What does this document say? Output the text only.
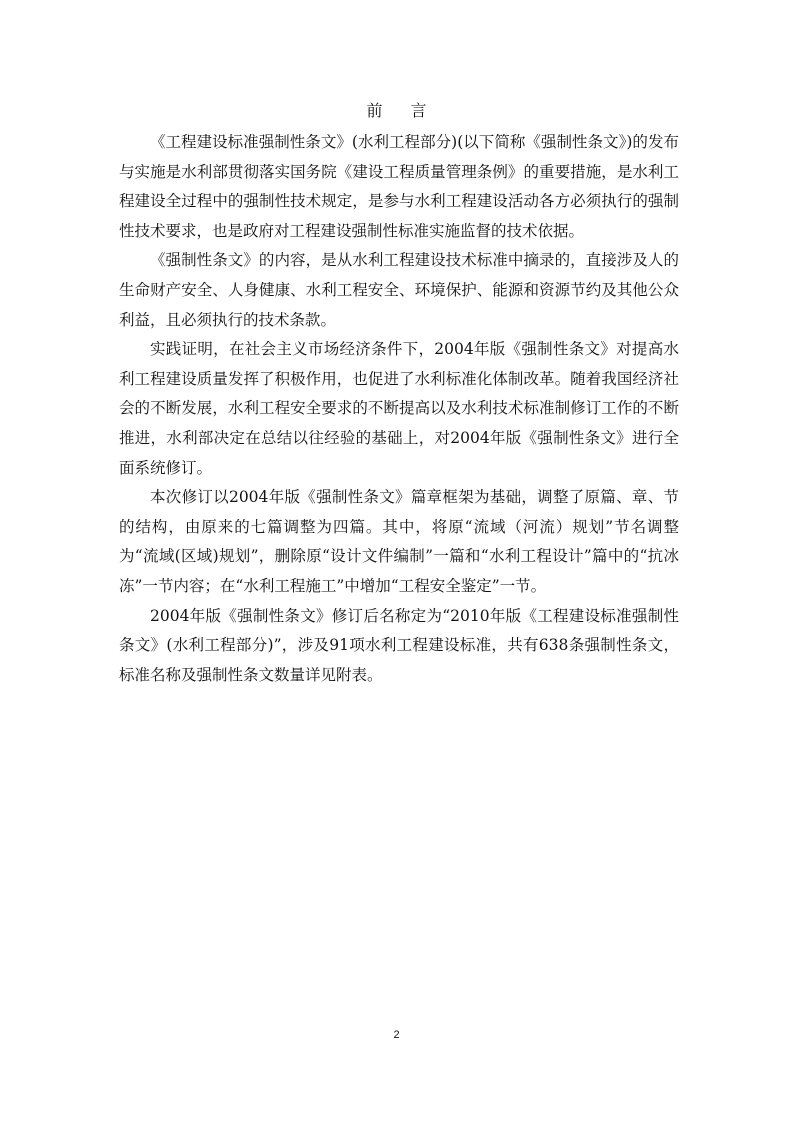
前言

《工程建设标准强制性条文》(水利工程部分)(以下简称《强制性条文》)的发布与实施是水利部贯彻落实国务院《建设工程质量管理条例》的重要措施，是水利工程建设全过程中的强制性技术规定，是参与水利工程建设活动各方必须执行的强制性技术要求，也是政府对工程建设强制性标准实施监督的技术依据。

《强制性条文》的内容，是从水利工程建设技术标准中摘录的，直接涉及人的生命财产安全、人身健康、水利工程安全、环境保护、能源和资源节约及其他公众利益，且必须执行的技术条款。

实践证明，在社会主义市场经济条件下，2004年版《强制性条文》对提高水利工程建设质量发挥了积极作用，也促进了水利标准化体制改革。随着我国经济社会的不断发展，水利工程安全要求的不断提高以及水利技术标准制修订工作的不断推进，水利部决定在总结以往经验的基础上，对2004年版《强制性条文》进行全面系统修订。

本次修订以2004年版《强制性条文》篇章框架为基础，调整了原篇、章、节的结构，由原来的七篇调整为四篇。其中，将原“流域（河流）规划”节名调整为“流域(区域)规划”，删除原“设计文件编制”一篇和“水利工程设计”篇中的“抗冰冻”一节内容；在“水利工程施工”中增加“工程安全鉴定”一节。

2004年版《强制性条文》修订后名称定为“2010年版《工程建设标准强制性条文》(水利工程部分)”，涉及91项水利工程建设标准，共有638条强制性条文，标准名称及强制性条文数量详见附表。

2
